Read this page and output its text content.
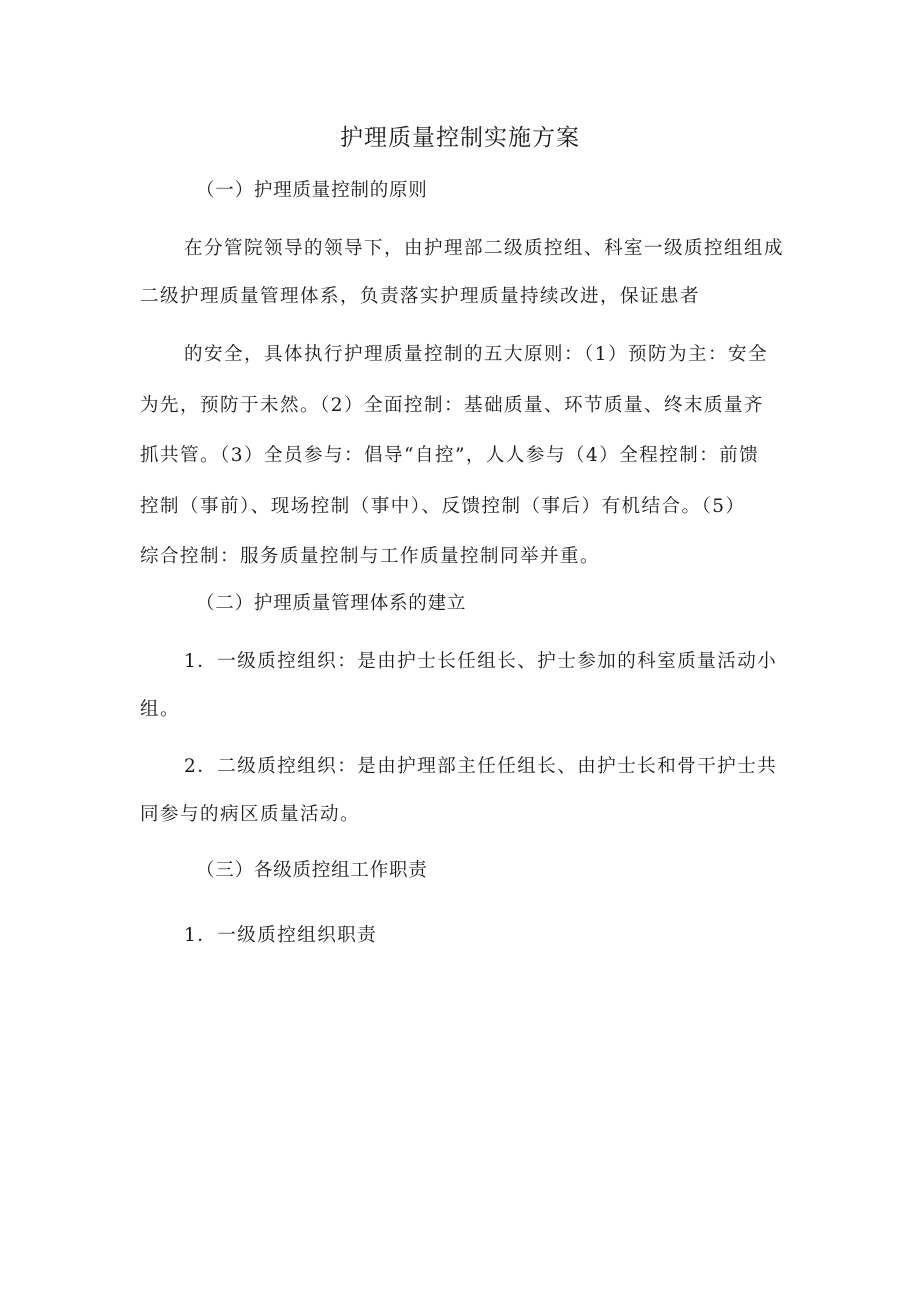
护理质量控制实施方案
（一）护理质量控制的原则
在分管院领导的领导下，由护理部二级质控组、科室一级质控组组成
二级护理质量管理体系，负责落实护理质量持续改进，保证患者
的安全，具体执行护理质量控制的五大原则：（1）预防为主：安全
为先，预防于未然。（2）全面控制：基础质量、环节质量、终末质量齐
抓共管。（3）全员参与：倡导“自控”，人人参与（4）全程控制：前馈
控制（事前）、现场控制（事中）、反馈控制（事后）有机结合。（5）
综合控制：服务质量控制与工作质量控制同举并重。
（二）护理质量管理体系的建立
1．一级质控组织：是由护士长任组长、护士参加的科室质量活动小
组。
2．二级质控组织：是由护理部主任任组长、由护士长和骨干护士共
同参与的病区质量活动。
（三）各级质控组工作职责
1．一级质控组织职责
